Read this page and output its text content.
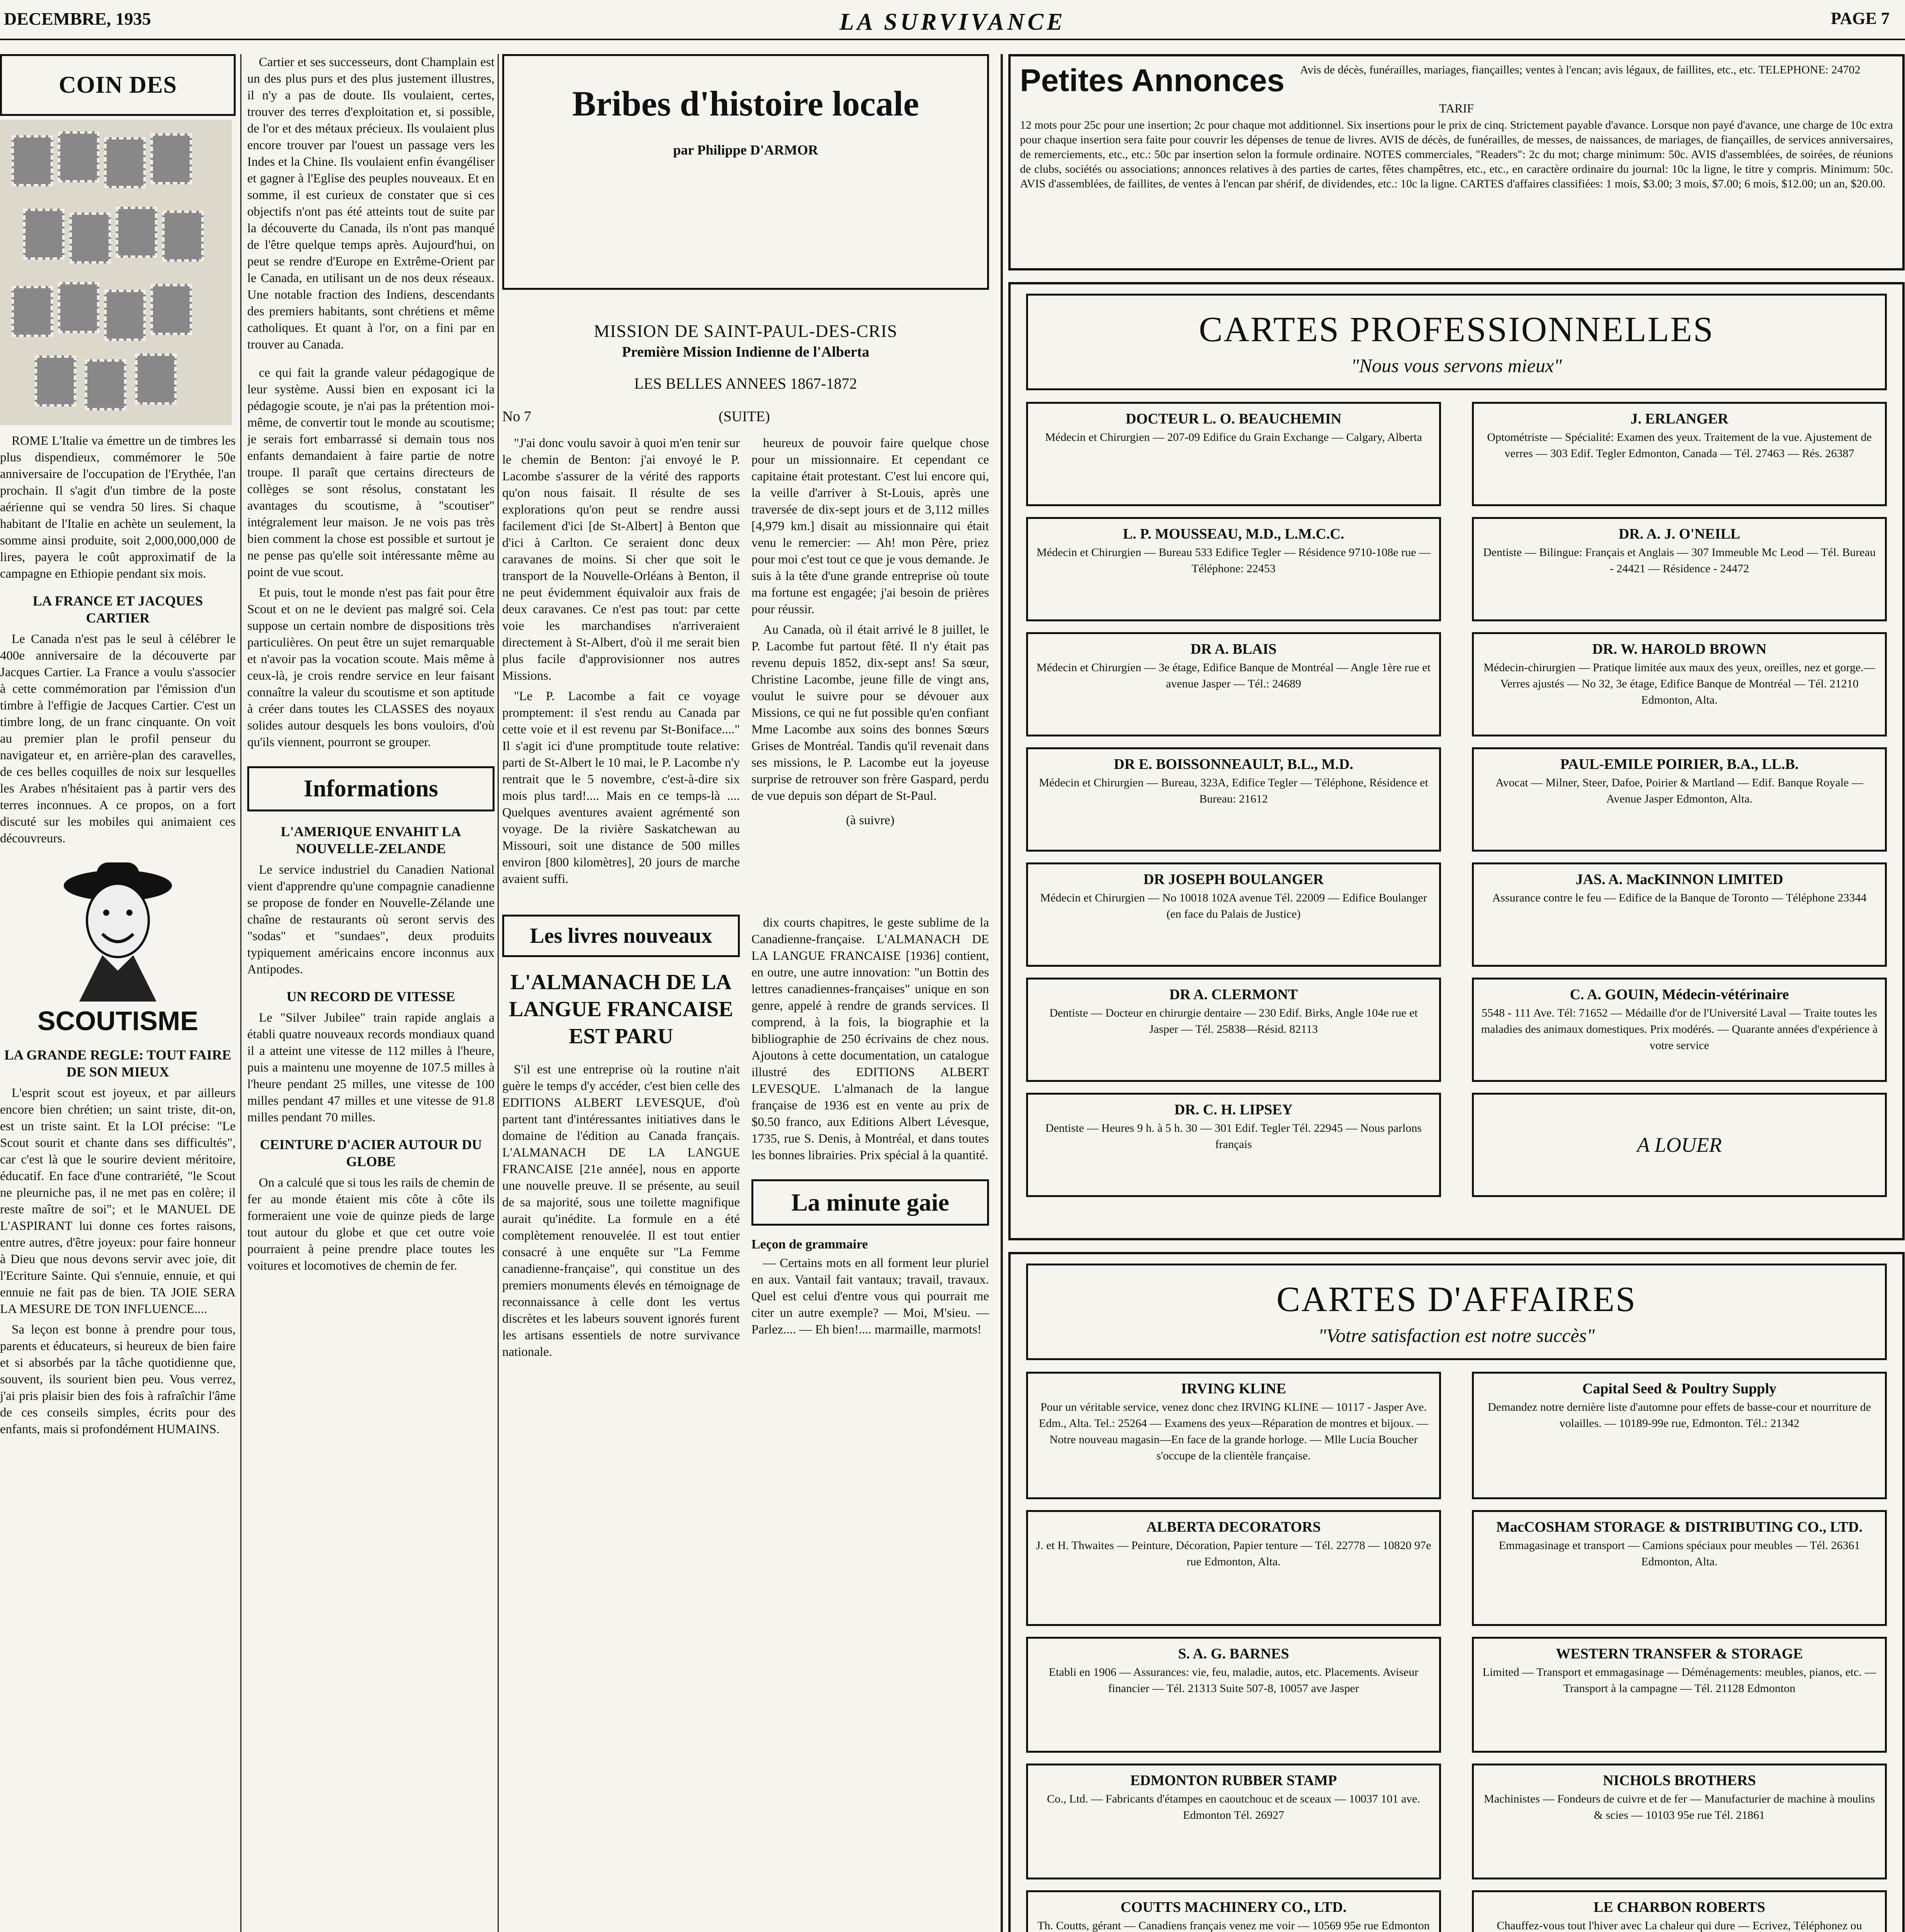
DECEMBRE, 1935	LA SURVIVANCE	PAGE 7
COIN DES

ROME L'Italie va émettre un de timbres les plus dispendieux, commémorer le 50e anniversaire de l'occupation de l'Erythée, l'an prochain. Il s'agit d'un timbre de la poste aérienne qui se vendra 50 lires. Si chaque habitant de l'Italie en achète un seulement, la somme ainsi produite, soit 2,000,000,000 de lires, payera le coût approximatif de la campagne en Ethiopie pendant six mois.

LA FRANCE ET JACQUES CARTIER

Le Canada n'est pas le seul à célébrer le 400e anniversaire de la découverte par Jacques Cartier. La France a voulu s'associer à cette commémoration par l'émission d'un timbre à l'effigie de Jacques Cartier. C'est un timbre long, de un franc cinquante. On voit au premier plan le profil penseur du navigateur et, en arrière-plan des caravelles, de ces belles coquilles de noix sur lesquelles les Arabes n'hésitaient pas à partir vers des terres inconnues. A ce propos, on a fort discuté sur les mobiles qui animaient ces découvreurs.

SCOUTISME
LA GRANDE REGLE: TOUT FAIRE DE SON MIEUX

L'esprit scout est joyeux, et par ailleurs encore bien chrétien; un saint triste, dit-on, est un triste saint. Et la LOI précise: "Le Scout sourit et chante dans ses difficultés", car c'est là que le sourire devient méritoire, éducatif. En face d'une contrariété, "le Scout ne pleurniche pas, il ne met pas en colère; il reste maître de soi"; et le MANUEL DE L'ASPIRANT lui donne ces fortes raisons, entre autres, d'être joyeux: pour faire honneur à Dieu que nous devons servir avec joie, dit l'Ecriture Sainte. Qui s'ennuie, ennuie, et qui ennuie ne fait pas de bien. TA JOIE SERA LA MESURE DE TON INFLUENCE....

Sa leçon est bonne à prendre pour tous, parents et éducateurs, si heureux de bien faire et si absorbés par la tâche quotidienne que, souvent, ils sourient bien peu. Vous verrez, j'ai pris plaisir bien des fois à rafraîchir l'âme de ces conseils simples, écrits pour des enfants, mais si profondément HUMAINS.

Cartier et ses successeurs, dont Champlain est un des plus purs et des plus justement illustres, il n'y a pas de doute. Ils voulaient, certes, trouver des terres d'exploitation et, si possible, de l'or et des métaux précieux. Ils voulaient plus encore trouver par l'ouest un passage vers les Indes et la Chine. Ils voulaient enfin évangéliser et gagner à l'Eglise des peuples nouveaux. Et en somme, il est curieux de constater que si ces objectifs n'ont pas été atteints tout de suite par la découverte du Canada, ils n'ont pas manqué de l'être quelque temps après. Aujourd'hui, on peut se rendre d'Europe en Extrême-Orient par le Canada, en utilisant un de nos deux réseaux. Une notable fraction des Indiens, descendants des premiers habitants, sont chrétiens et même catholiques. Et quant à l'or, on a fini par en trouver au Canada.

ce qui fait la grande valeur pédagogique de leur système. Aussi bien en exposant ici la pédagogie scoute, je n'ai pas la prétention moi-même, de convertir tout le monde au scoutisme; je serais fort embarrassé si demain tous nos enfants demandaient à faire partie de notre troupe. Il paraît que certains directeurs de collèges se sont résolus, constatant les avantages du scoutisme, à "scoutiser" intégralement leur maison. Je ne vois pas très bien comment la chose est possible et surtout je ne pense pas qu'elle soit intéressante même au point de vue scout.

Et puis, tout le monde n'est pas fait pour être Scout et on ne le devient pas malgré soi. Cela suppose un certain nombre de dispositions très particulières. On peut être un sujet remarquable et n'avoir pas la vocation scoute. Mais même à ceux-là, je crois rendre service en leur faisant connaître la valeur du scoutisme et son aptitude à créer dans toutes les CLASSES des noyaux solides autour desquels les bons vouloirs, d'où qu'ils viennent, pourront se grouper.

Informations
L'AMERIQUE ENVAHIT LA NOUVELLE-ZELANDE

Le service industriel du Canadien National vient d'apprendre qu'une compagnie canadienne se propose de fonder en Nouvelle-Zélande une chaîne de restaurants où seront servis des "sodas" et "sundaes", deux produits typiquement américains encore inconnus aux Antipodes.

UN RECORD DE VITESSE

Le "Silver Jubilee" train rapide anglais a établi quatre nouveaux records mondiaux quand il a atteint une vitesse de 112 milles à l'heure, puis a maintenu une moyenne de 107.5 milles à l'heure pendant 25 milles, une vitesse de 100 milles pendant 47 milles et une vitesse de 91.8 milles pendant 70 milles.

CEINTURE D'ACIER AUTOUR DU GLOBE

On a calculé que si tous les rails de chemin de fer au monde étaient mis côte à côte ils formeraient une voie de quinze pieds de large tout autour du globe et que cet outre voie pourraient à peine prendre place toutes les voitures et locomotives de chemin de fer.

Bribes d'histoire locale
par Philippe D'ARMOR
MISSION DE SAINT-PAUL-DES-CRIS
Première Mission Indienne de l'Alberta
LES BELLES ANNEES 1867-1872
No 7	(SUITE)

"J'ai donc voulu savoir à quoi m'en tenir sur le chemin de Benton: j'ai envoyé le P. Lacombe s'assurer de la vérité des rapports qu'on nous faisait. Il résulte de ses explorations qu'on peut se rendre aussi facilement d'ici [de St-Albert] à Benton que d'ici à Carlton. Ce seraient donc deux caravanes de moins. Si cher que soit le transport de la Nouvelle-Orléans à Benton, il ne peut évidemment équivaloir aux frais de deux caravanes. Ce n'est pas tout: par cette voie les marchandises n'arriveraient directement à St-Albert, d'où il me serait bien plus facile d'approvisionner nos autres Missions.

"Le P. Lacombe a fait ce voyage promptement: il s'est rendu au Canada par cette voie et il est revenu par St-Boniface...." Il s'agit ici d'une promptitude toute relative: parti de St-Albert le 10 mai, le P. Lacombe n'y rentrait que le 5 novembre, c'est-à-dire six mois plus tard!.... Mais en ce temps-là .... Quelques aventures avaient agrémenté son voyage. De la rivière Saskatchewan au Missouri, soit une distance de 500 milles environ [800 kilomètres], 20 jours de marche avaient suffi.

heureux de pouvoir faire quelque chose pour un missionnaire. Et cependant ce capitaine était protestant. C'est lui encore qui, la veille d'arriver à St-Louis, après une traversée de dix-sept jours et de 3,112 milles [4,979 km.] disait au missionnaire qui était venu le remercier: — Ah! mon Père, priez pour moi c'est tout ce que je vous demande. Je suis à la tête d'une grande entreprise où toute ma fortune est engagée; j'ai besoin de prières pour réussir.

Au Canada, où il était arrivé le 8 juillet, le P. Lacombe fut partout fêté. Il n'y était pas revenu depuis 1852, dix-sept ans! Sa sœur, Christine Lacombe, jeune fille de vingt ans, voulut le suivre pour se dévouer aux Missions, ce qui ne fut possible qu'en confiant Mme Lacombe aux soins des bonnes Sœurs Grises de Montréal. Tandis qu'il revenait dans ses missions, le P. Lacombe eut la joyeuse surprise de retrouver son frère Gaspard, perdu de vue depuis son départ de St-Paul.

(à suivre)
Les livres nouveaux
L'ALMANACH DE LA LANGUE FRANCAISE EST PARU

S'il est une entreprise où la routine n'ait guère le temps d'y accéder, c'est bien celle des EDITIONS ALBERT LEVESQUE, d'où partent tant d'intéressantes initiatives dans le domaine de l'édition au Canada français. L'ALMANACH DE LA LANGUE FRANCAISE [21e année], nous en apporte une nouvelle preuve. Il se présente, au seuil de sa majorité, sous une toilette magnifique aurait qu'inédite. La formule en a été complètement renouvelée. Il est tout entier consacré à une enquête sur "La Femme canadienne-française", qui constitue un des premiers monuments élevés en témoignage de reconnaissance à celle dont les vertus discrètes et les labeurs souvent ignorés furent les artisans essentiels de notre survivance nationale.

dix courts chapitres, le geste sublime de la Canadienne-française. L'ALMANACH DE LA LANGUE FRANCAISE [1936] contient, en outre, une autre innovation: "un Bottin des lettres canadiennes-françaises" unique en son genre, appelé à rendre de grands services. Il comprend, à la fois, la biographie et la bibliographie de 250 écrivains de chez nous. Ajoutons à cette documentation, un catalogue illustré des EDITIONS ALBERT LEVESQUE. L'almanach de la langue française de 1936 est en vente au prix de $0.50 franco, aux Editions Albert Lévesque, 1735, rue S. Denis, à Montréal, et dans toutes les bonnes librairies. Prix spécial à la quantité.

La minute gaie
Leçon de grammaire

— Certains mots en all forment leur pluriel en aux. Vantail fait vantaux; travail, travaux. Quel est celui d'entre vous qui pourrait me citer un autre exemple? — Moi, M'sieu. — Parlez.... — Eh bien!.... marmaille, marmots!

Petites Annonces Avis de décès, funérailles, mariages, fiançailles; ventes à l'encan; avis légaux, de faillites, etc., etc. TELEPHONE: 24702
TARIF
12 mots pour 25c pour une insertion; 2c pour chaque mot additionnel. Six insertions pour le prix de cinq. Strictement payable d'avance. Lorsque non payé d'avance, une charge de 10c extra pour chaque insertion sera faite pour couvrir les dépenses de tenue de livres. AVIS de décès, de funérailles, de messes, de naissances, de mariages, de fiançailles, de services anniversaires, de remerciements, etc., etc.: 50c par insertion selon la formule ordinaire. NOTES commerciales, "Readers": 2c du mot; charge minimum: 50c. AVIS d'assemblées, de soirées, de réunions de clubs, sociétés ou associations; annonces relatives à des parties de cartes, fêtes champêtres, etc., etc., en caractère ordinaire du journal: 10c la ligne, le titre y compris. Minimum: 50c. AVIS d'assemblées, de faillites, de ventes à l'encan par shérif, de dividendes, etc.: 10c la ligne. CARTES d'affaires classifiées: 1 mois, $3.00; 3 mois, $7.00; 6 mois, $12.00; un an, $20.00.
CARTES PROFESSIONNELLES
"Nous vous servons mieux"
DOCTEUR L. O. BEAUCHEMIN
Médecin et Chirurgien — 207-09 Edifice du Grain Exchange — Calgary, Alberta
L. P. MOUSSEAU, M.D., L.M.C.C.
Médecin et Chirurgien — Bureau 533 Edifice Tegler — Résidence 9710-108e rue — Téléphone: 22453
DR A. BLAIS
Médecin et Chirurgien — 3e étage, Edifice Banque de Montréal — Angle 1ère rue et avenue Jasper — Tél.: 24689
DR E. BOISSONNEAULT, B.L., M.D.
Médecin et Chirurgien — Bureau, 323A, Edifice Tegler — Téléphone, Résidence et Bureau: 21612
DR JOSEPH BOULANGER
Médecin et Chirurgien — No 10018 102A avenue Tél. 22009 — Edifice Boulanger (en face du Palais de Justice)
DR A. CLERMONT
Dentiste — Docteur en chirurgie dentaire — 230 Edif. Birks, Angle 104e rue et Jasper — Tél. 25838—Résid. 82113
DR. C. H. LIPSEY
Dentiste — Heures 9 h. à 5 h. 30 — 301 Edif. Tegler Tél. 22945 — Nous parlons français
J. ERLANGER
Optométriste — Spécialité: Examen des yeux. Traitement de la vue. Ajustement de verres — 303 Edif. Tegler Edmonton, Canada — Tél. 27463 — Rés. 26387
DR. A. J. O'NEILL
Dentiste — Bilingue: Français et Anglais — 307 Immeuble Mc Leod — Tél. Bureau - 24421 — Résidence - 24472
DR. W. HAROLD BROWN
Médecin-chirurgien — Pratique limitée aux maux des yeux, oreilles, nez et gorge.—Verres ajustés — No 32, 3e étage, Edifice Banque de Montréal — Tél. 21210 Edmonton, Alta.
PAUL-EMILE POIRIER, B.A., LL.B.
Avocat — Milner, Steer, Dafoe, Poirier & Martland — Edif. Banque Royale — Avenue Jasper Edmonton, Alta.
JAS. A. MacKINNON LIMITED
Assurance contre le feu — Edifice de la Banque de Toronto — Téléphone 23344
C. A. GOUIN, Médecin-vétérinaire
5548 - 111 Ave. Tél: 71652 — Médaille d'or de l'Université Laval — Traite toutes les maladies des animaux domestiques. Prix modérés. — Quarante années d'expérience à votre service
A LOUER
CARTES D'AFFAIRES
"Votre satisfaction est notre succès"
IRVING KLINE
Pour un véritable service, venez donc chez IRVING KLINE — 10117 - Jasper Ave. Edm., Alta. Tel.: 25264 — Examens des yeux—Réparation de montres et bijoux. — Notre nouveau magasin—En face de la grande horloge. — Mlle Lucia Boucher s'occupe de la clientèle française.
ALBERTA DECORATORS
J. et H. Thwaites — Peinture, Décoration, Papier tenture — Tél. 22778 — 10820 97e rue Edmonton, Alta.
S. A. G. BARNES
Etabli en 1906 — Assurances: vie, feu, maladie, autos, etc. Placements. Aviseur financier — Tél. 21313 Suite 507-8, 10057 ave Jasper
EDMONTON RUBBER STAMP
Co., Ltd. — Fabricants d'étampes en caoutchouc et de sceaux — 10037 101 ave. Edmonton Tél. 26927
COUTTS MACHINERY CO., LTD.
Th. Coutts, gérant — Canadiens français venez me voir — 10569 95e rue Edmonton
Capital Seed & Poultry Supply
Demandez notre dernière liste d'automne pour effets de basse-cour et nourriture de volailles. — 10189-99e rue, Edmonton. Tél.: 21342
MacCOSHAM STORAGE & DISTRIBUTING CO., LTD.
Emmagasinage et transport — Camions spéciaux pour meubles — Tél. 26361 Edmonton, Alta.
WESTERN TRANSFER & STORAGE
Limited — Transport et emmagasinage — Déménagements: meubles, pianos, etc. — Transport à la campagne — Tél. 21128 Edmonton
NICHOLS BROTHERS
Machinistes — Fondeurs de cuivre et de fer — Manufacturier de machine à moulins & scies — 10103 95e rue Tél. 21861
LE CHARBON ROBERTS
Chauffez-vous tout l'hiver avec La chaleur qui dure — Ecrivez, Téléphonez ou
